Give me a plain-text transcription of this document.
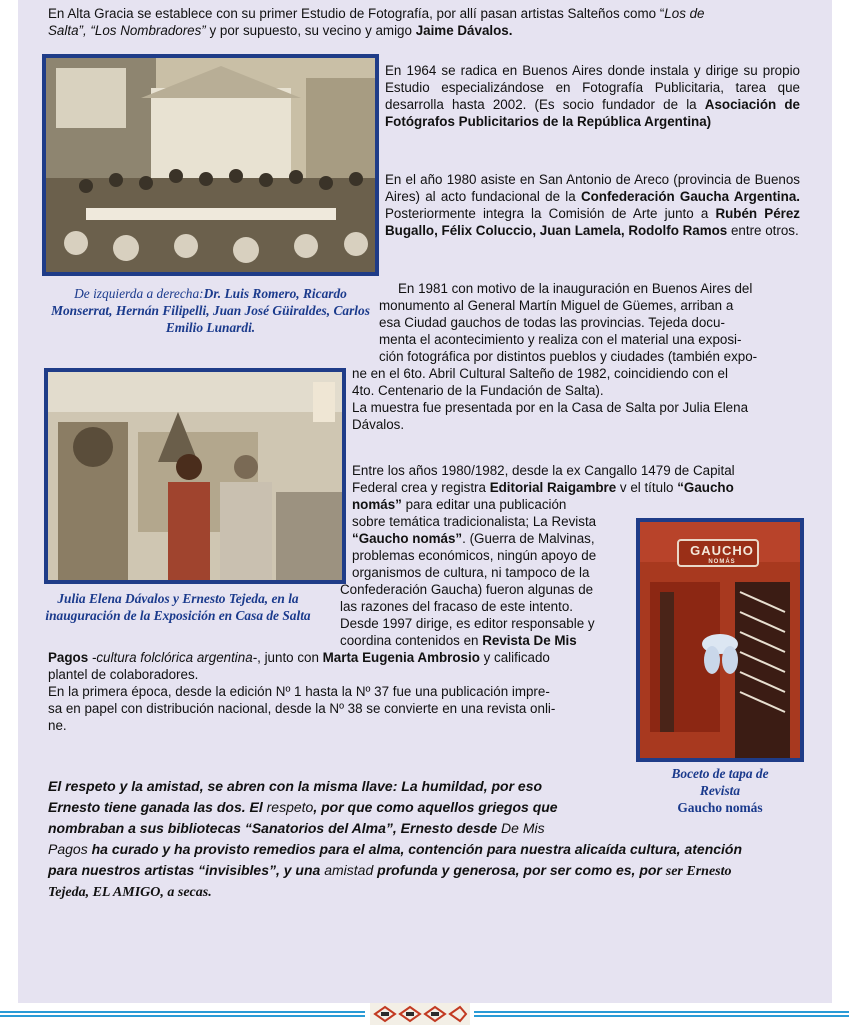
En Alta Gracia se establece con su primer Estudio de Fotografía, por allí pasan artistas Salteños como “Los de
Salta”, “Los Nombradores” y por supuesto, su vecino y amigo Jaime Dávalos.

De izquierda a derecha:Dr. Luis Romero, Ricardo Monserrat, Hernán Filipelli, Juan José Güiraldes, Carlos Emilio Lunardi.

En 1964 se radica en Buenos Aires donde instala y dirige su propio Estudio especializándose en Fotografía Publicitaria, tarea que desarrolla hasta 2002. (Es socio fundador de la Asociación de Fotógrafos Publicitarios de la República Argentina)

En el año 1980 asiste en San Antonio de Areco (provincia de Buenos Aires) al acto fundacional de la Confederación Gaucha Argentina. Posteriormente integra la Comisión de Arte junto a Rubén Pérez Bugallo, Félix Coluccio, Juan Lamela, Rodolfo Ramos entre otros.

En 1981 con motivo de la inauguración en Buenos Aires del
monumento al General Martín Miguel de Güemes, arriban a
esa Ciudad gauchos de todas las provincias. Tejeda docu-
menta el acontecimiento y realiza con el material una exposi-
ción fotográfica por distintos pueblos y ciudades (también expo-
ne en el 6to. Abril Cultural Salteño de 1982, coincidiendo con el
4to. Centenario de la Fundación de Salta).
La muestra fue presentada por en la Casa de Salta por Julia Elena
Dávalos.

Julia Elena Dávalos y Ernesto Tejeda, en la inauguración de la Exposición en Casa de Salta

Entre los años 1980/1982, desde la ex Cangallo 1479 de Capital
Federal crea y registra Editorial Raigambre v el título “Gaucho
nomás” para editar una publicación
sobre temática tradicionalista; La Revista
“Gaucho nomás”. (Guerra de Malvinas,
problemas económicos, ningún apoyo de
organismos de cultura, ni tampoco de la
Confederación Gaucha) fueron algunas de
las razones del fracaso de este intento.
Desde 1997 dirige, es editor responsable y
coordina contenidos en Revista De Mis
Pagos -cultura folclórica argentina-, junto con Marta Eugenia Ambrosio y calificado
plantel de colaboradores.
En la primera época, desde la edición Nº 1 hasta la Nº 37 fue una publicación impre-
sa en papel con distribución nacional, desde la Nº 38 se convierte en una revista onli-
ne.

GAUCHO
NOMÁS
Boceto de tapa de
Revista
Gaucho nomás
El respeto y la amistad, se abren con la misma llave: La humildad, por eso
Ernesto tiene ganada las dos. El respeto, por que como aquellos griegos que
nombraban a sus bibliotecas “Sanatorios del Alma”, Ernesto desde De Mis
Pagos ha curado y ha provisto remedios para el alma, contención para nuestra alicaída cultura, atención
para nuestros artistas “invisibles”, y una amistad profunda y generosa, por ser como es, por ser Ernesto
Tejeda, EL AMIGO, a secas.
